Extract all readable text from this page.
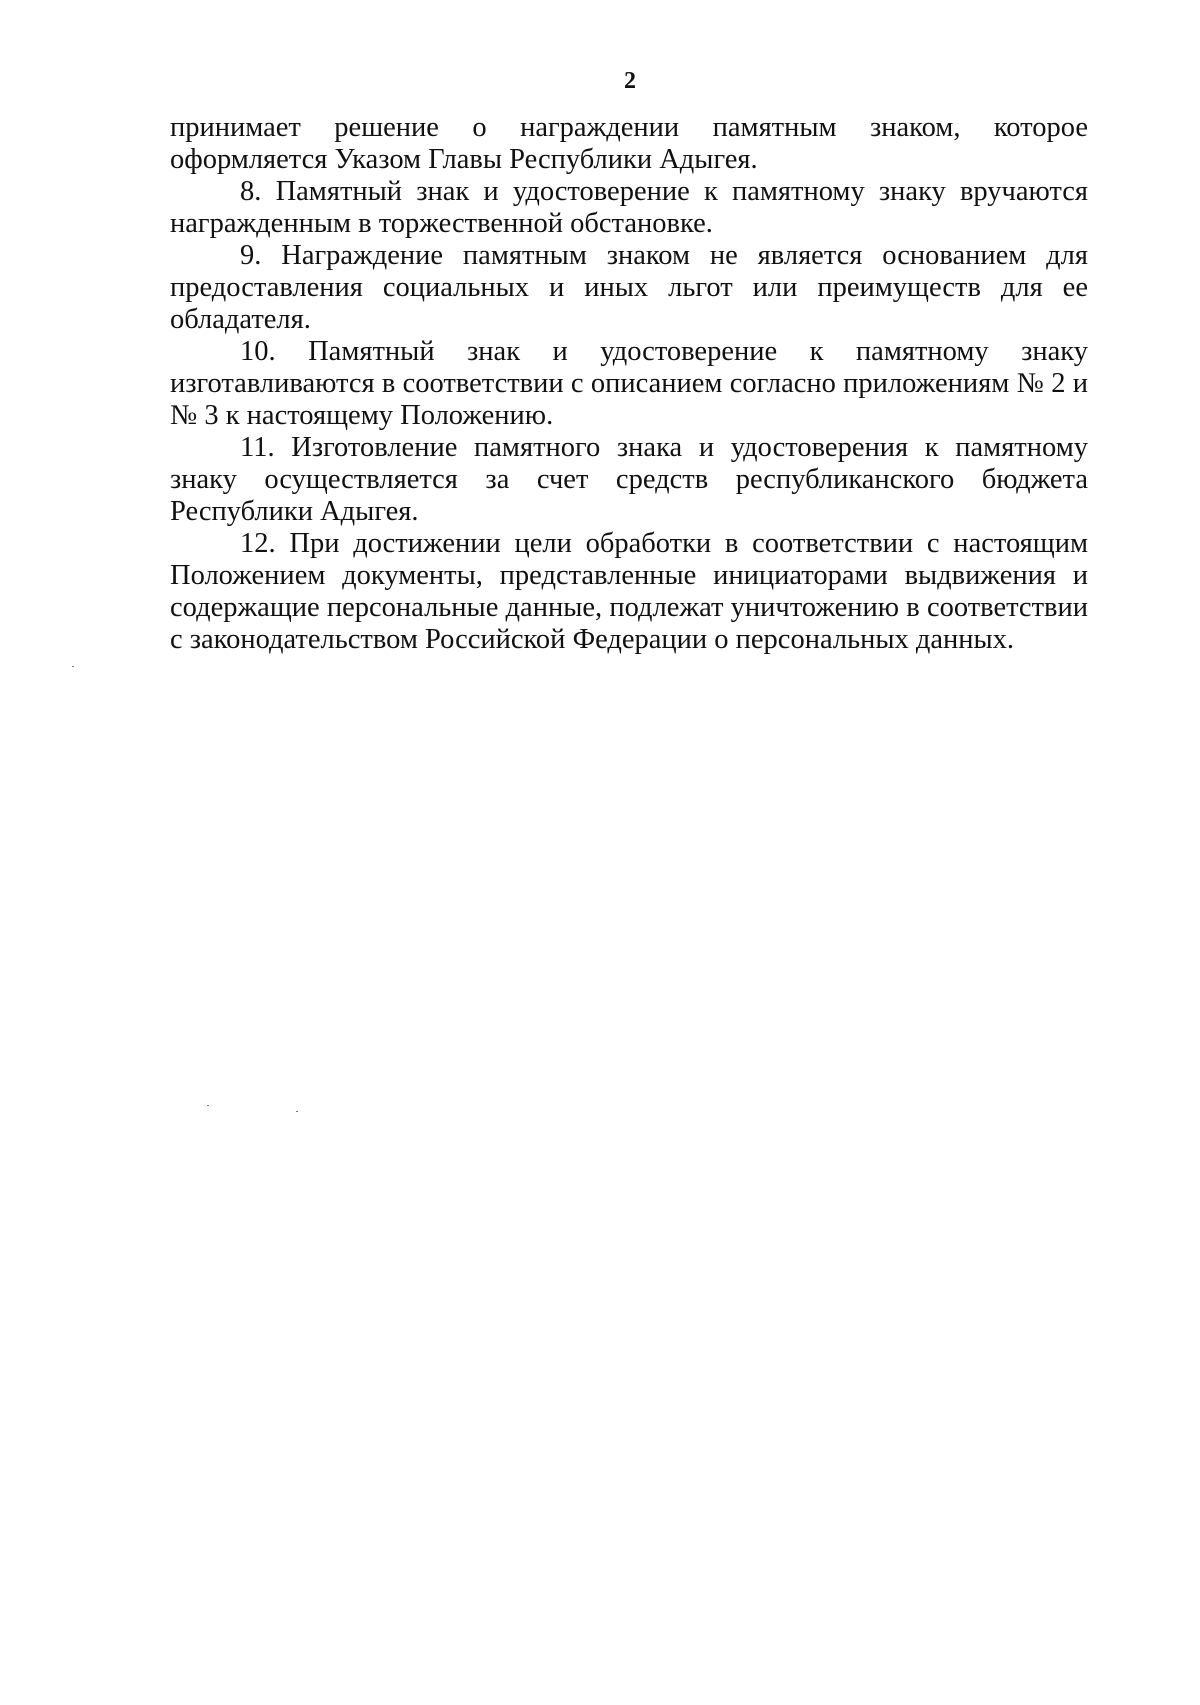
2

принимает решение о награждении памятным знаком, которое оформляется Указом Главы Республики Адыгея.

8. Памятный знак и удостоверение к памятному знаку вручаются награжденным в торжественной обстановке.

9. Награждение памятным знаком не является основанием для предоставления социальных и иных льгот или преимуществ для ее обладателя.

10. Памятный знак и удостоверение к памятному знаку изготавливаются в соответствии с описанием согласно приложениям № 2 и № 3 к настоящему Положению.

11. Изготовление памятного знака и удостоверения к памятному знаку осуществляется за счет средств республиканского бюджета Республики Адыгея.

12. При достижении цели обработки в соответствии с настоящим Положением документы, представленные инициаторами выдвижения и содержащие персональные данные, подлежат уничтожению в соответствии с законодательством Российской Федерации о персональных данных.
